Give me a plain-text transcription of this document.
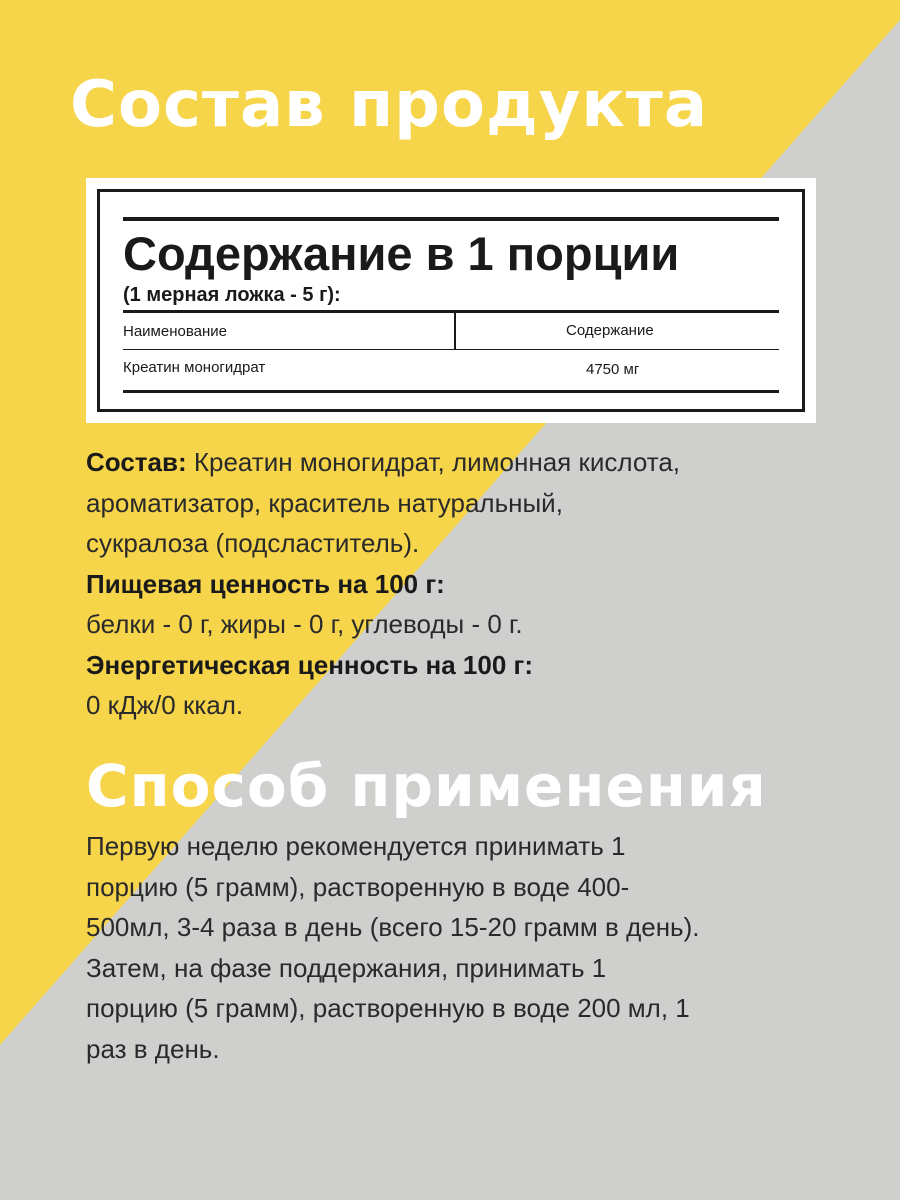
Состав продукта
Содержание в 1 порции
(1 мерная ложка - 5 г):
Наименование	Содержание
Креатин моногидрат	4750 мг
Состав: Креатин моногидрат, лимонная кислота,
ароматизатор, краситель натуральный,
сукралоза (подсластитель).
Пищевая ценность на 100 г:
белки - 0 г, жиры - 0 г, углеводы - 0 г.
Энергетическая ценность на 100 г:
0 кДж/0 ккал.
Способ применения
Первую неделю рекомендуется принимать 1
порцию (5 грамм), растворенную в воде 400-
500мл, 3-4 раза в день (всего 15-20 грамм в день).
Затем, на фазе поддержания, принимать 1
порцию (5 грамм), растворенную в воде 200 мл, 1
раз в день.
